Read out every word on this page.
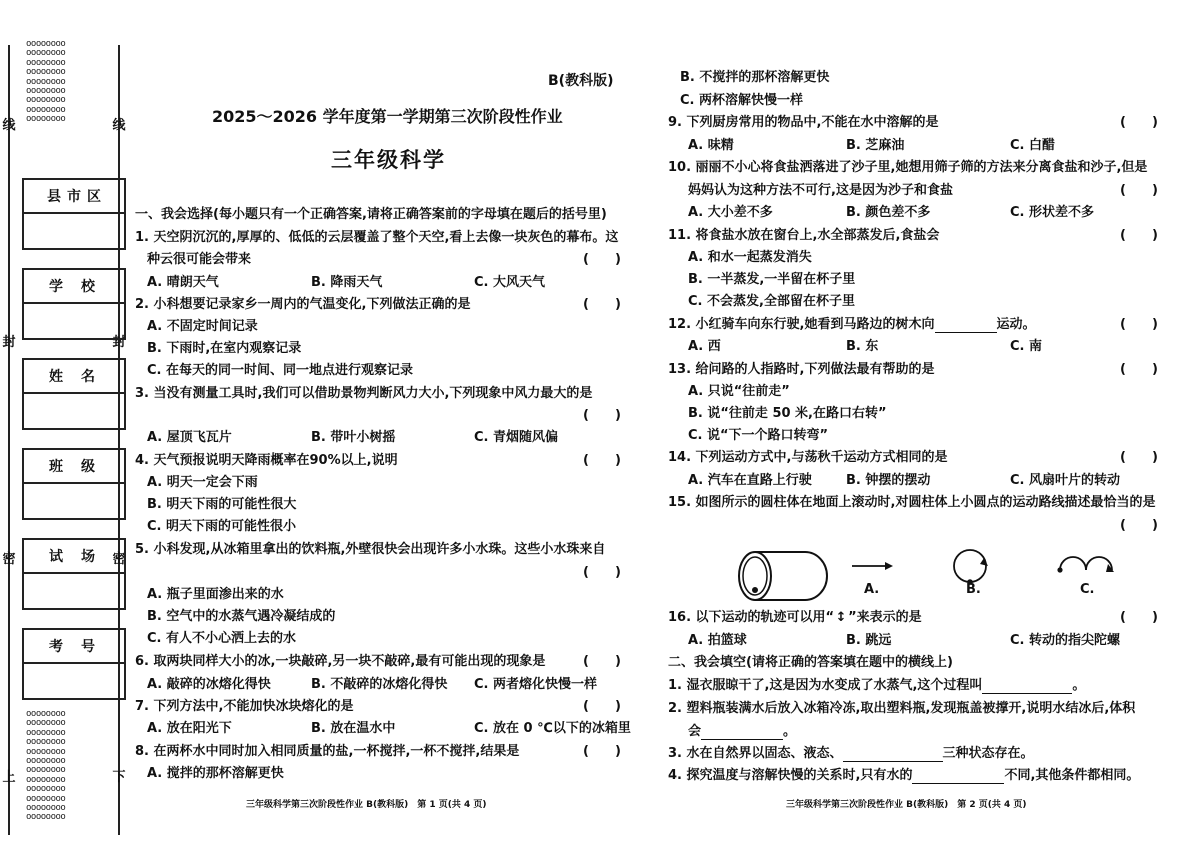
oooooooo
oooooooo
oooooooo
oooooooo
oooooooo
oooooooo
oooooooo
oooooooo
oooooooo
oooooooo
oooooooo
oooooooo
oooooooo
oooooooo
oooooooo
oooooooo
oooooooo
oooooooo
oooooooo
oooooooo
oooooooo
线	线
封	封
密	密
上	下
县市区
学校
姓名
班级
试场
考号
B(教科版)
2025～2026 学年度第一学期第三次阶段性作业
三年级科学
一、我会选择(每小题只有一个正确答案,请将正确答案前的字母填在题后的括号里)
1. 天空阴沉沉的,厚厚的、低低的云层覆盖了整个天空,看上去像一块灰色的幕布。这
种云很可能会带来	(　　)
A. 晴朗天气	B. 降雨天气	C. 大风天气
2. 小科想要记录家乡一周内的气温变化,下列做法正确的是	(　　)
A. 不固定时间记录
B. 下雨时,在室内观察记录
C. 在每天的同一时间、同一地点进行观察记录
3. 当没有测量工具时,我们可以借助景物判断风力大小,下列现象中风力最大的是
(　　)
A. 屋顶飞瓦片	B. 带叶小树摇	C. 青烟随风偏
4. 天气预报说明天降雨概率在90%以上,说明	(　　)
A. 明天一定会下雨
B. 明天下雨的可能性很大
C. 明天下雨的可能性很小
5. 小科发现,从冰箱里拿出的饮料瓶,外壁很快会出现许多小水珠。这些小水珠来自
(　　)
A. 瓶子里面渗出来的水
B. 空气中的水蒸气遇冷凝结成的
C. 有人不小心洒上去的水
6. 取两块同样大小的冰,一块敲碎,另一块不敲碎,最有可能出现的现象是	(　　)
A. 敲碎的冰熔化得快	B. 不敲碎的冰熔化得快 C. 两者熔化快慢一样
7. 下列方法中,不能加快冰块熔化的是	(　　)
A. 放在阳光下	B. 放在温水中	C. 放在 0 ℃以下的冰箱里
8. 在两杯水中同时加入相同质量的盐,一杯搅拌,一杯不搅拌,结果是	(　　)
A. 搅拌的那杯溶解更快
三年级科学第三次阶段性作业 B(教科版)　第 1 页(共 4 页)
B. 不搅拌的那杯溶解更快
C. 两杯溶解快慢一样
9. 下列厨房常用的物品中,不能在水中溶解的是	(　　)
A. 味精	B. 芝麻油	C. 白醋
10. 丽丽不小心将食盐洒落进了沙子里,她想用筛子筛的方法来分离食盐和沙子,但是
妈妈认为这种方法不可行,这是因为沙子和食盐	(　　)
A. 大小差不多	B. 颜色差不多	C. 形状差不多
11. 将食盐水放在窗台上,水全部蒸发后,食盐会	(　　)
A. 和水一起蒸发消失
B. 一半蒸发,一半留在杯子里
C. 不会蒸发,全部留在杯子里
12. 小红骑车向东行驶,她看到马路边的树木向	运动。	(　　)
A. 西	B. 东	C. 南
13. 给问路的人指路时,下列做法最有帮助的是	(　　)
A. 只说“往前走”
B. 说“往前走 50 米,在路口右转”
C. 说“下一个路口转弯”
14. 下列运动方式中,与荡秋千运动方式相同的是	(　　)
A. 汽车在直路上行驶	B. 钟摆的摆动	C. 风扇叶片的转动
15. 如图所示的圆柱体在地面上滚动时,对圆柱体上小圆点的运动路线描述最恰当的是
(　　)
A.	B.	C.
16. 以下运动的轨迹可以用“ ↕ ”来表示的是	(　　)
A. 拍篮球	B. 跳远	C. 转动的指尖陀螺
二、我会填空(请将正确的答案填在题中的横线上)
1. 湿衣服晾干了,这是因为水变成了水蒸气,这个过程叫	。
2. 塑料瓶装满水后放入冰箱冷冻,取出塑料瓶,发现瓶盖被撑开,说明水结冰后,体积
会	。
3. 水在自然界以固态、液态、	三种状态存在。
4. 探究温度与溶解快慢的关系时,只有水的	不同,其他条件都相同。
三年级科学第三次阶段性作业 B(教科版)　第 2 页(共 4 页)
